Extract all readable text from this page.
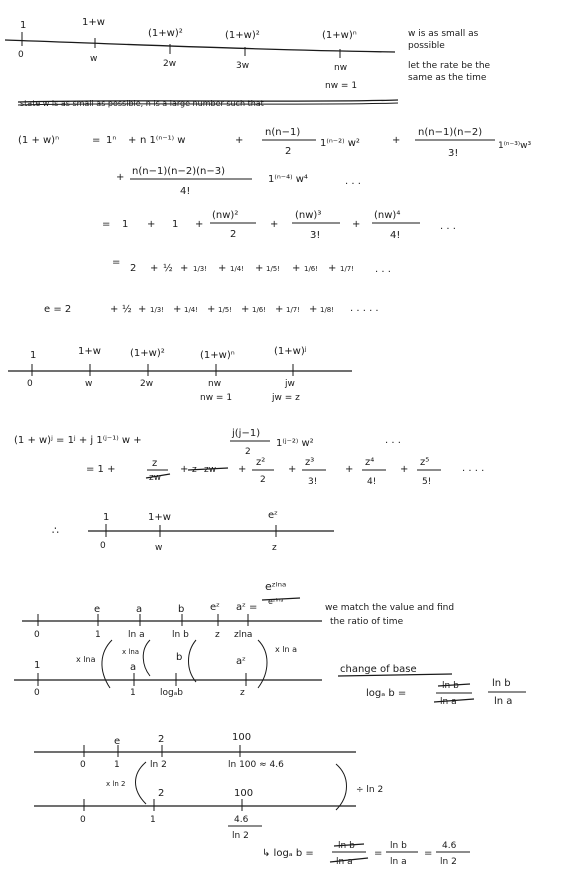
1	1+w
(1+w)²	(1+w)²	(1+w)ⁿ
0	w	2w	3w	nw
nw = 1
w is as small as
possible
let the rate be the
same as the time
state w is as small as possible, n is a large number such that
(1 + w)ⁿ	= 1ⁿ + n 1⁽ⁿ⁻¹⁾ w	+
n(n−1)
2
1⁽ⁿ⁻²⁾ w²	+
n(n−1)(n−2)
3!
1⁽ⁿ⁻³⁾w³
+
n(n−1)(n−2)(n−3)
4!
1⁽ⁿ⁻⁴⁾ w⁴	· · ·
= 1 + 1 +
(nw)²
2
+
(nw)³
3!
+
(nw)⁴
4!
· · ·
=
2 + ½ + 1/3! + 1/4! + 1/5! + 1/6! + 1/7! · · ·
e = 2	+ ½ + 1/3! + 1/4! + 1/5! + 1/6! + 1/7! + 1/8! · · · · ·
1	1+w	(1+w)²	(1+w)ⁿ	(1+w)ʲ
0	w	2w	nw	jw
nw = 1	jw = z
(1 + w)ʲ = 1ʲ + j 1⁽ʲ⁻¹⁾ w +
j(j−1)
2
1⁽ʲ⁻²⁾ w²	· · ·
= 1 +
z
zw
+ z zw +
z²
2
+
z³
3!
+
z⁴
4!
+
z⁵
5!
· · · ·
∴
1	1+w	eᶻ
0	w	z
eᶻˡⁿᵃ
eᶻˡⁿᵃ
e	a	b	eᶻ aᶻ =
0	1	ln a	ln b	z zlna
x lna
x lna	x ln a
1	a
b	aᶻ
0	1	logₐb	z
we match the value and find
the ratio of time
change of base
logₐ b =
ln b
ln a
ln b
ln a
e	2	100
0	1	ln 2	ln 100 ≈ 4.6
x ln 2
÷ ln 2
2	100
0	1	4.6
ln 2
↳ logₐ b =
ln b
ln a
=
ln b
ln a
=
4.6
ln 2
